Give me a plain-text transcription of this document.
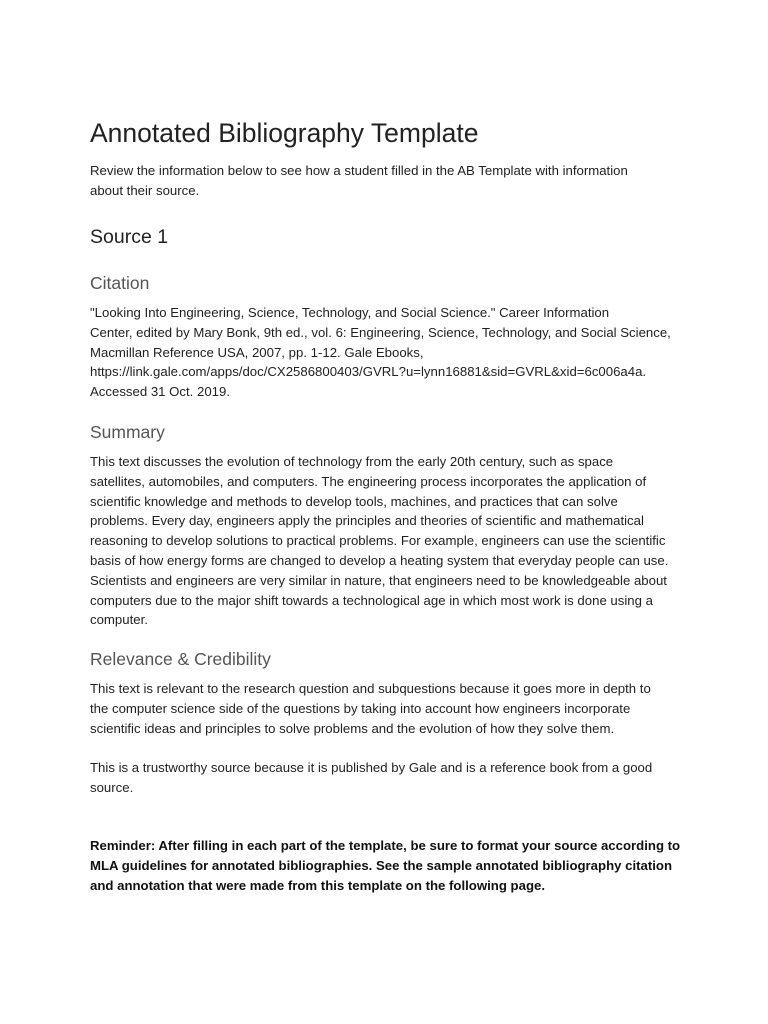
Annotated Bibliography Template

Review the information below to see how a student filled in the AB Template with information
about their source.

Source 1
Citation

"Looking Into Engineering, Science, Technology, and Social Science." Career Information
Center, edited by Mary Bonk, 9th ed., vol. 6: Engineering, Science, Technology, and Social Science,
Macmillan Reference USA, 2007, pp. 1-12. Gale Ebooks,
https://link.gale.com/apps/doc/CX2586800403/GVRL?u=lynn16881&sid=GVRL&xid=6c006a4a.
Accessed 31 Oct. 2019.

Summary

This text discusses the evolution of technology from the early 20th century, such as space
satellites, automobiles, and computers. The engineering process incorporates the application of
scientific knowledge and methods to develop tools, machines, and practices that can solve
problems. Every day, engineers apply the principles and theories of scientific and mathematical
reasoning to develop solutions to practical problems. For example, engineers can use the scientific
basis of how energy forms are changed to develop a heating system that everyday people can use.
Scientists and engineers are very similar in nature, that engineers need to be knowledgeable about
computers due to the major shift towards a technological age in which most work is done using a
computer.

Relevance & Credibility

This text is relevant to the research question and subquestions because it goes more in depth to
the computer science side of the questions by taking into account how engineers incorporate
scientific ideas and principles to solve problems and the evolution of how they solve them.

This is a trustworthy source because it is published by Gale and is a reference book from a good
source.

Reminder: After filling in each part of the template, be sure to format your source according to
MLA guidelines for annotated bibliographies. See the sample annotated bibliography citation
and annotation that were made from this template on the following page.
